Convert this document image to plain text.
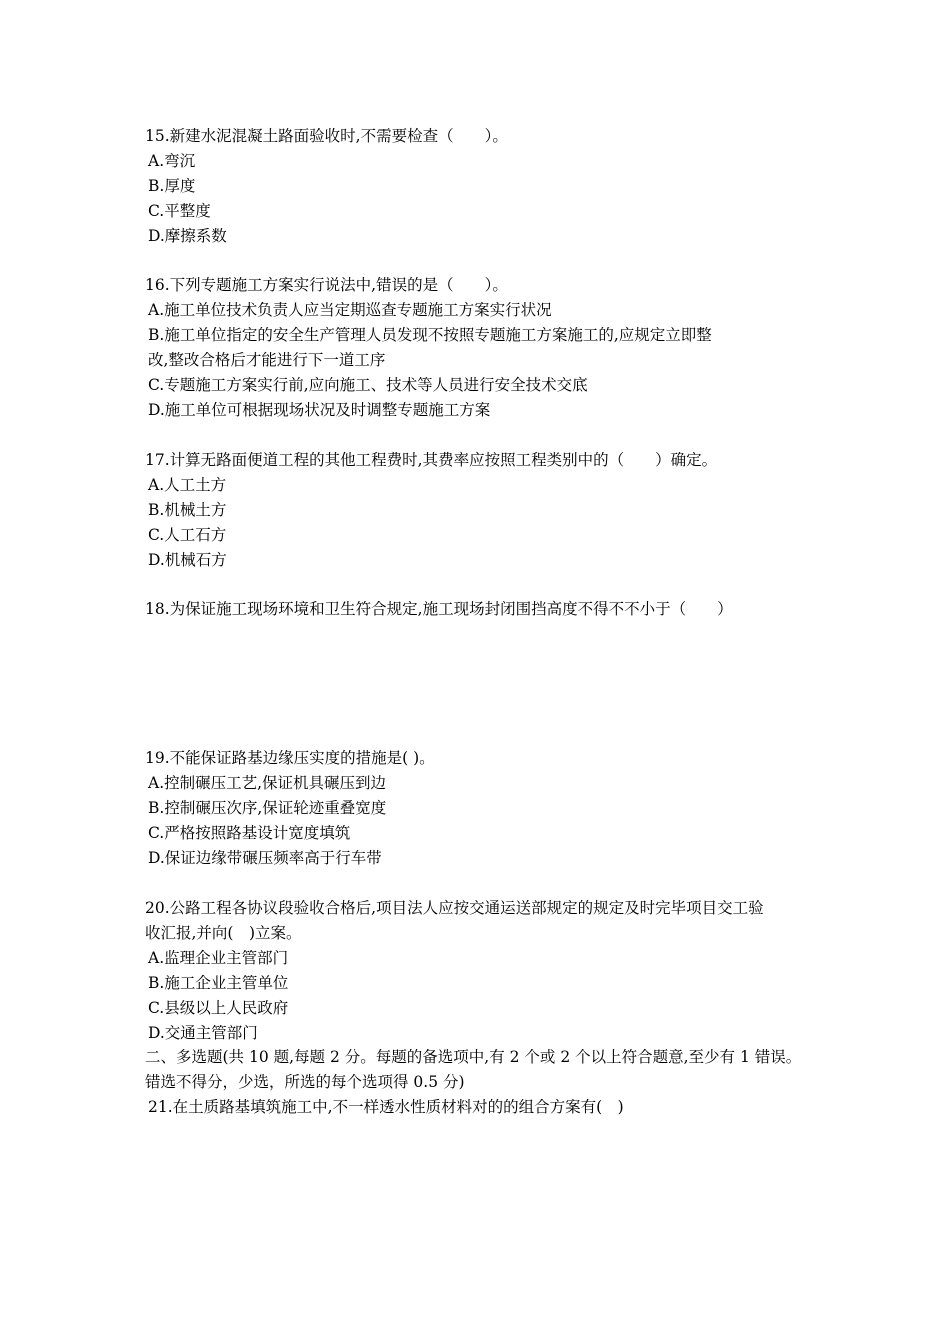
15.新建水泥混凝土路面验收时,不需要检查（　　）。
A.弯沉
B.厚度
C.平整度
D.摩擦系数
16.下列专题施工方案实行说法中,错误的是（　　）。
A.施工单位技术负责人应当定期巡查专题施工方案实行状况
B.施工单位指定的安全生产管理人员发现不按照专题施工方案施工的,应规定立即整
改,整改合格后才能进行下一道工序
C.专题施工方案实行前,应向施工、技术等人员进行安全技术交底
D.施工单位可根据现场状况及时调整专题施工方案
17.计算无路面便道工程的其他工程费时,其费率应按照工程类别中的（　　）确定。
A.人工土方
B.机械土方
C.人工石方
D.机械石方
18.为保证施工现场环境和卫生符合规定,施工现场封闭围挡高度不得不不小于（　　）
19.不能保证路基边缘压实度的措施是( )。
A.控制碾压工艺,保证机具碾压到边
B.控制碾压次序,保证轮迹重叠宽度
C.严格按照路基设计宽度填筑
D.保证边缘带碾压频率高于行车带
20.公路工程各协议段验收合格后,项目法人应按交通运送部规定的规定及时完毕项目交工验
收汇报,并向(　)立案。
A.监理企业主管部门
B.施工企业主管单位
C.县级以上人民政府
D.交通主管部门
二、多选题(共 10 题,每题 2 分。每题的备选项中,有 2 个或 2 个以上符合题意,至少有 1 错误。
错选不得分，少选，所选的每个选项得 0.5 分)
21.在土质路基填筑施工中,不一样透水性质材料对的的组合方案有(　)
